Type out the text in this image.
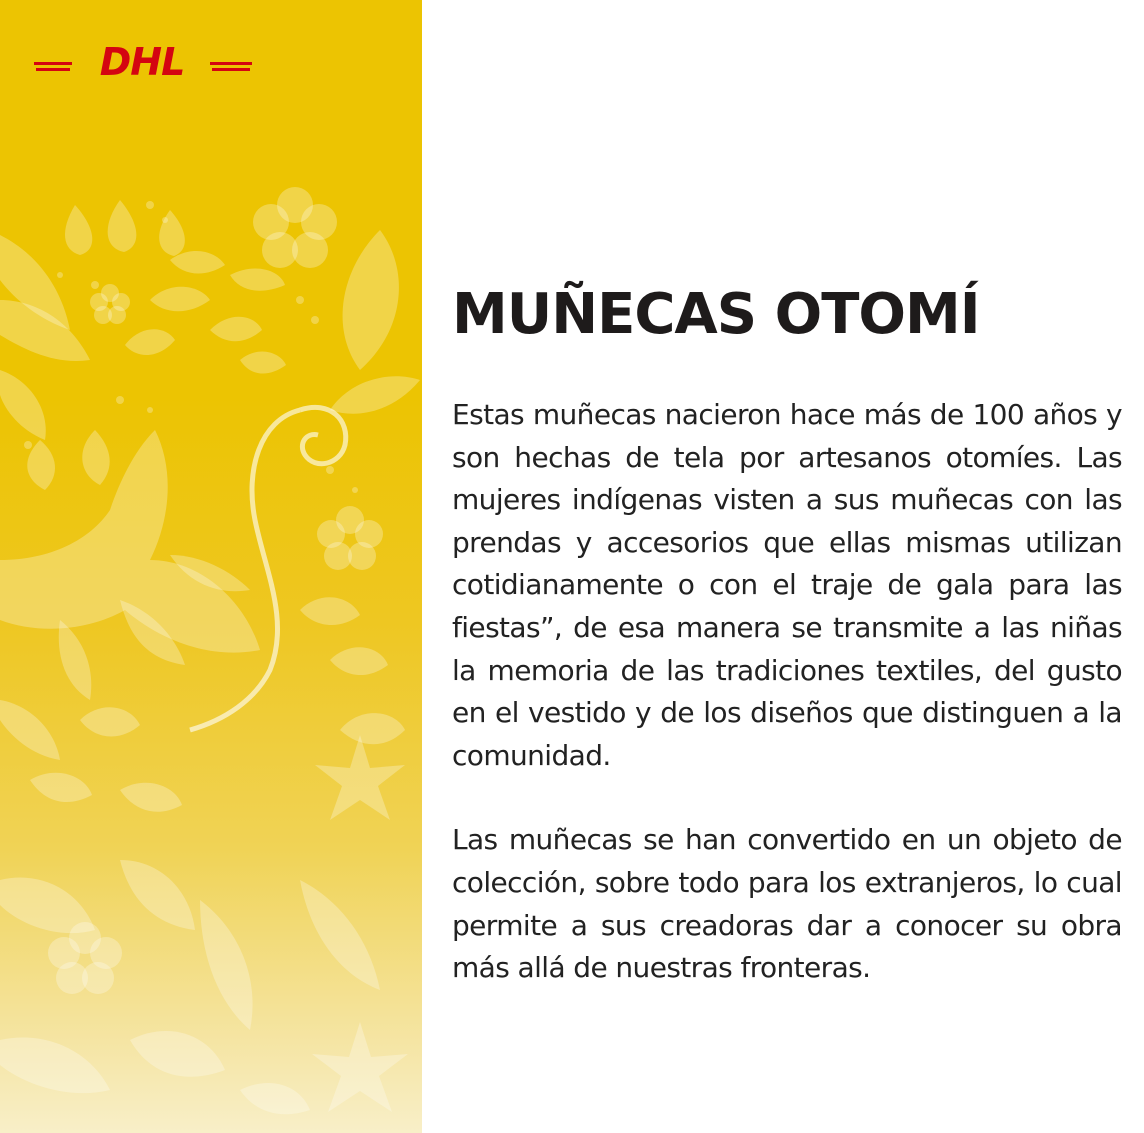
DHL
MUÑECAS OTOMÍ

Estas muñecas nacieron hace más de 100 años y son hechas de tela por artesanos otomíes. Las mujeres indígenas visten a sus muñecas con las prendas y accesorios que ellas mismas utilizan cotidianamente o con el traje de gala para las fiestas”, de esa manera se transmite a las niñas la memoria de las tradiciones textiles, del gusto en el vestido y de los diseños que distinguen a la comunidad.

Las muñecas se han convertido en un objeto de colección, sobre todo para los extranjeros, lo cual permite a sus creadoras dar a conocer su obra más allá de nuestras fronteras.
